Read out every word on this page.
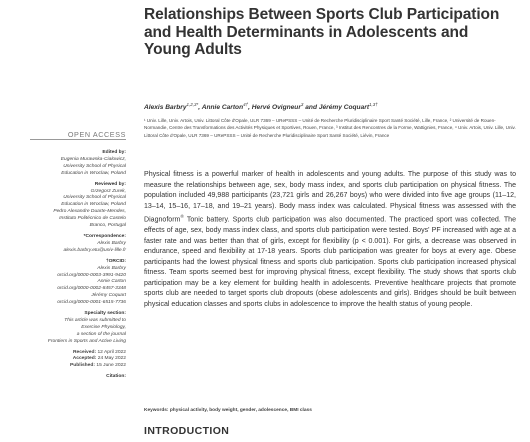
Relationships Between Sports Club Participation and Health Determinants in Adolescents and Young Adults
Alexis Barbry$^{1,2,3*}$, Annie Carton$^{4\dagger}$, Hervé Ovigneur$^3$ and Jérémy Coquart$^{1,3\dagger}$
¹ Univ. Lille, Univ. Artois, Univ. Littoral Côte d'Opale, ULR 7369 – URePSSS – Unité de Recherche Pluridisciplinaire Sport Santé Société, Lille, France, ² Université de Rouen-Normandie, Centre des Transformations des Activités Physiques et Sportives, Rouen, France, ³ Institut des Rencontres de la Forme, Wattignies, France, ⁴ Univ. Artois, Univ. Lille, Univ. Littoral Côte d'Opale, ULR 7369 – URePSSS – Unité de Recherche Pluridisciplinaire Sport Santé Société, Liévin, France
OPEN ACCESS
Edited by:
Eugenia Murawska-Cialowicz,
University School of Physical
Education in Wroclaw, Poland
Reviewed by:
Grzegorz Zurek,
University School of Physical
Education in Wroclaw, Poland
Pedro Alexandre Duarte-Mendes,
Instituto Politécnico de Castelo
Branco, Portugal
*Correspondence:
Alexis Barbry
alexis.barbry.etu@univ-lille.fr
†ORCID:
Alexis Barbry
orcid.org/0000-0003-3991-9420
Annie Carton
orcid.org/0000-0002-8457-3348
Jérémy Coquart
orcid.org/0000-0001-6515-7736
Specialty section:
This article was submitted to
Exercise Physiology,
a section of the journal
Frontiers in Sports and Active Living
Received: 12 April 2022
Accepted: 24 May 2022
Published: 15 June 2022
Citation:
Physical fitness is a powerful marker of health in adolescents and young adults. The purpose of this study was to measure the relationships between age, sex, body mass index, and sports club participation on physical fitness. The population included 49,988 participants (23,721 girls and 26,267 boys) who were divided into five age groups (11–12, 13–14, 15–16, 17–18, and 19–21 years). Body mass index was calculated. Physical fitness was assessed with the Diagnoform® Tonic battery. Sports club participation was also documented. The practiced sport was collected. The effects of age, sex, body mass index class, and sports club participation were tested. Boys' PF increased with age at a faster rate and was better than that of girls, except for flexibility (p < 0.001). For girls, a decrease was observed in endurance, speed and flexibility at 17-18 years. Sports club participation was greater for boys at every age. Obese participants had the lowest physical fitness and sports club participation. Sports club participation increased physical fitness. Team sports seemed best for improving physical fitness, except flexibility. The study shows that sports club participation may be a key element for building health in adolescents. Preventive healthcare projects that promote sports club are needed to target sports club dropouts (obese adolescents and girls). Bridges should be built between physical education classes and sports clubs in adolescence to improve the health status of young people.
Keywords: physical activity, body weight, gender, adolescence, BMI class
INTRODUCTION
